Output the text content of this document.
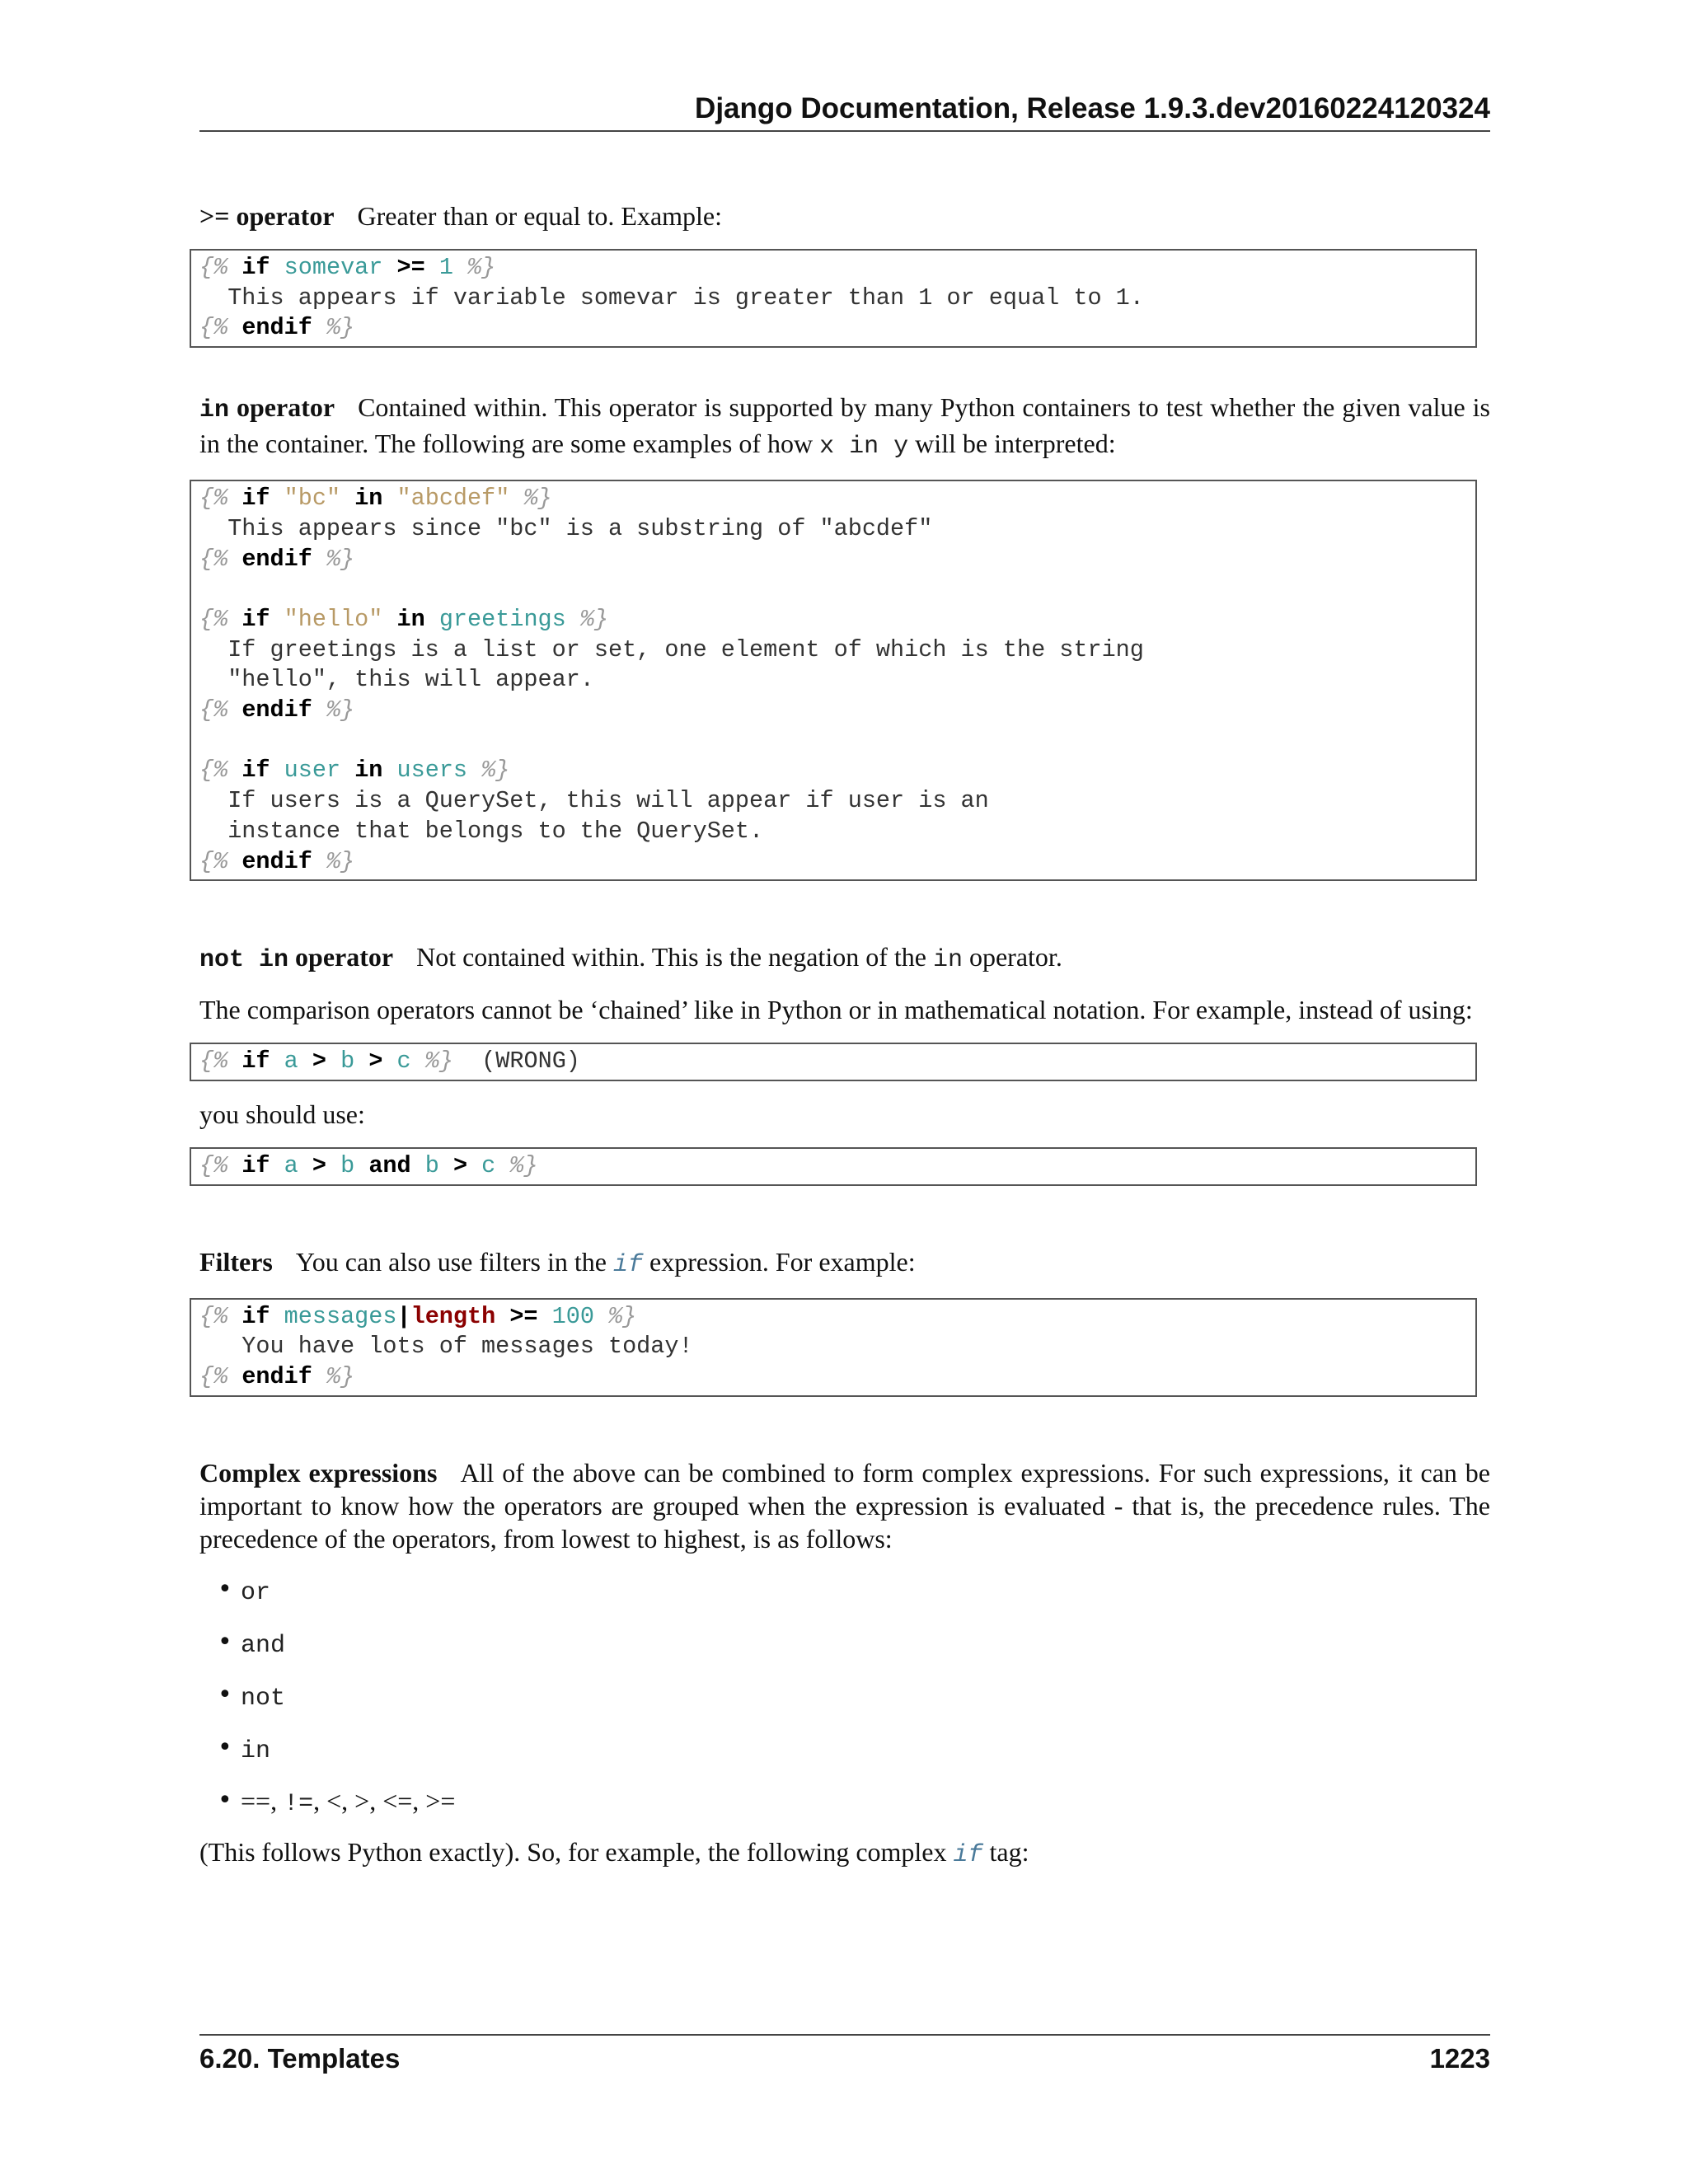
Django Documentation, Release 1.9.3.dev20160224120324

>= operator Greater than or equal to. Example:

{% if somevar >= 1 %}
This appears if variable somevar is greater than 1 or equal to 1.
{% endif %}

in operator Contained within. This operator is supported by many Python containers to test whether the given value is in the container. The following are some examples of how x in y will be interpreted:

{% if "bc" in "abcdef" %}
This appears since "bc" is a substring of "abcdef"
{% endif %}

{% if "hello" in greetings %}
If greetings is a list or set, one element of which is the string
"hello", this will appear.
{% endif %}

{% if user in users %}
If users is a QuerySet, this will appear if user is an
instance that belongs to the QuerySet.
{% endif %}

not in operator Not contained within. This is the negation of the in operator.

The comparison operators cannot be ‘chained’ like in Python or in mathematical notation. For example, instead of using:

{% if a > b > c %}  (WRONG)

you should use:

{% if a > b and b > c %}

Filters You can also use filters in the if expression. For example:

{% if messages|length >= 100 %}
You have lots of messages today!
{% endif %}

Complex expressions All of the above can be combined to form complex expressions. For such expressions, it can be important to know how the operators are grouped when the expression is evaluated - that is, the precedence rules. The precedence of the operators, from lowest to highest, is as follows:

• or
• and
• not
• in
• ==, !=, <, >, <=, >=

(This follows Python exactly). So, for example, the following complex if tag:

6.20. Templates	1223
